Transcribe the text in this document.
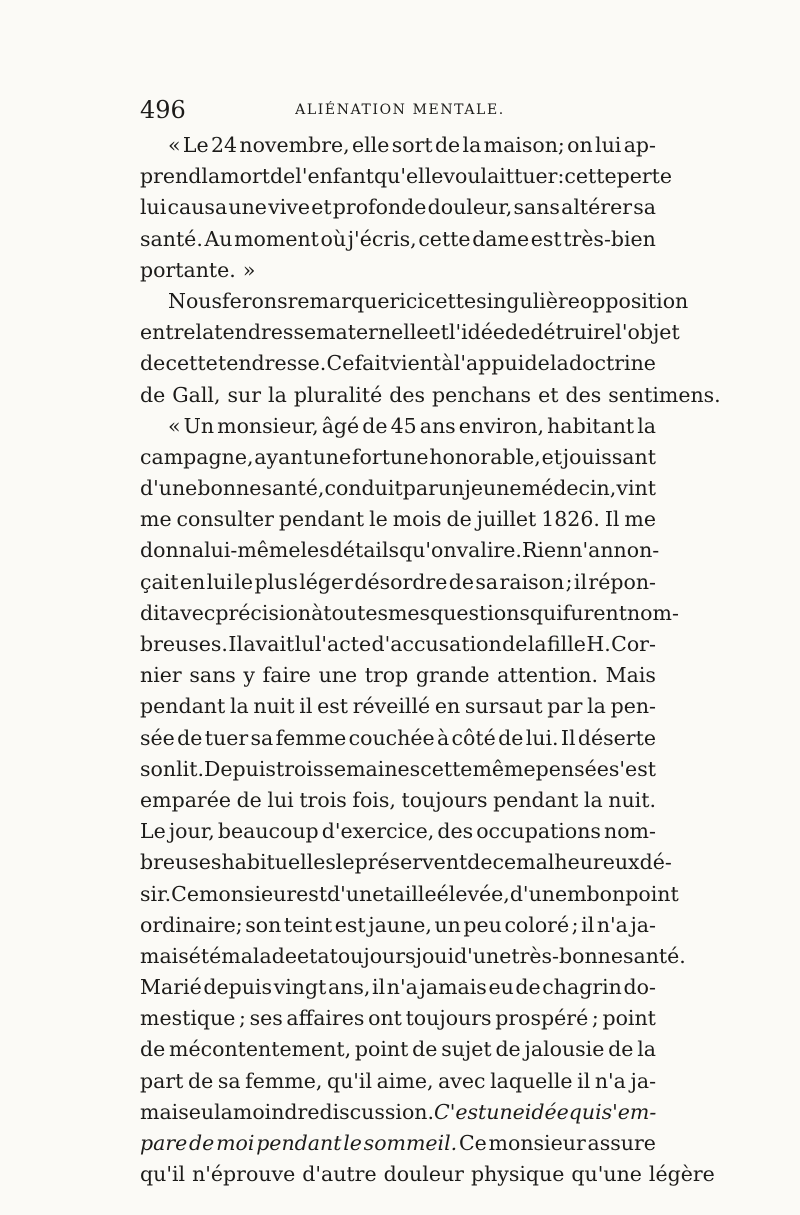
496	ALIÉNATION MENTALE.
« Le 24 novembre, elle sort de la maison; on lui ap-
prend la mort de l'enfant qu'elle voulait tuer : cette perte
lui causa une vive et profonde douleur, sans altérer sa
santé. Au moment où j'écris, cette dame est très-bien
portante. »
Nous ferons remarquer ici cette singulière opposition
entre la tendresse maternelle et l'idée de détruire l'objet
de cette tendresse. Ce fait vient à l'appui de la doctrine
de Gall, sur la pluralité des penchans et des sentimens.
« Un monsieur, âgé de 45 ans environ, habitant la
campagne, ayant une fortune honorable, et jouissant
d'une bonne santé, conduit par un jeune médecin, vint
me consulter pendant le mois de juillet 1826. Il me
donna lui-même les détails qu'on va lire. Rien n'annon-
çait en lui le plus léger désordre de sa raison ; il répon-
dit avec précision à toutes mes questions qui furent nom-
breuses. Il avait lu l'acte d'accusation de la fille H. Cor-
nier sans y faire une trop grande attention. Mais
pendant la nuit il est réveillé en sursaut par la pen-
sée de tuer sa femme couchée à côté de lui. Il déserte
son lit. Depuis trois semaines cette même pensée s'est
emparée de lui trois fois, toujours pendant la nuit.
Le jour, beaucoup d'exercice, des occupations nom-
breuses habituelles le préservent de ce malheureux dé-
sir. Ce monsieur est d'une taille élevée, d'un embonpoint
ordinaire; son teint est jaune, un peu coloré ; il n'a ja-
mais été malade et a toujours joui d'une très-bonne santé.
Marié depuis vingt ans, il n'a jamais eu de chagrin do-
mestique ; ses affaires ont toujours prospéré ; point
de mécontentement, point de sujet de jalousie de la
part de sa femme, qu'il aime, avec laquelle il n'a ja-
mais eu la moindre discussion. C'est une idée qui s'em-
pare de moi pendant le sommeil. Ce monsieur assure
qu'il n'éprouve d'autre douleur physique qu'une légère
